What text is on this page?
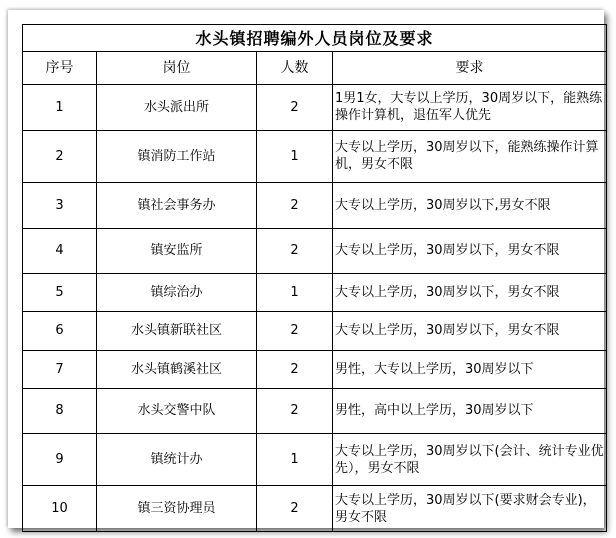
水头镇招聘编外人员岗位及要求			
序号	岗位	人数	要求
1	水头派出所	2	1男1女，大专以上学历，30周岁以下，能熟练操作计算机，退伍军人优先
2	镇消防工作站	1	大专以上学历，30周岁以下，能熟练操作计算机，男女不限
3	镇社会事务办	2	大专以上学历，30周岁以下,男女不限
4	镇安监所	2	大专以上学历，30周岁以下，男女不限
5	镇综治办	1	大专以上学历，30周岁以下，男女不限
6	水头镇新联社区	2	大专以上学历，30周岁以下，男女不限
7	水头镇鹤溪社区	2	男性，大专以上学历，30周岁以下
8	水头交警中队	2	男性，高中以上学历，30周岁以下
9	镇统计办	1	大专以上学历，30周岁以下(会计、统计专业优先），男女不限
10	镇三资协理员	2	大专以上学历，30周岁以下(要求财会专业)，男女不限
